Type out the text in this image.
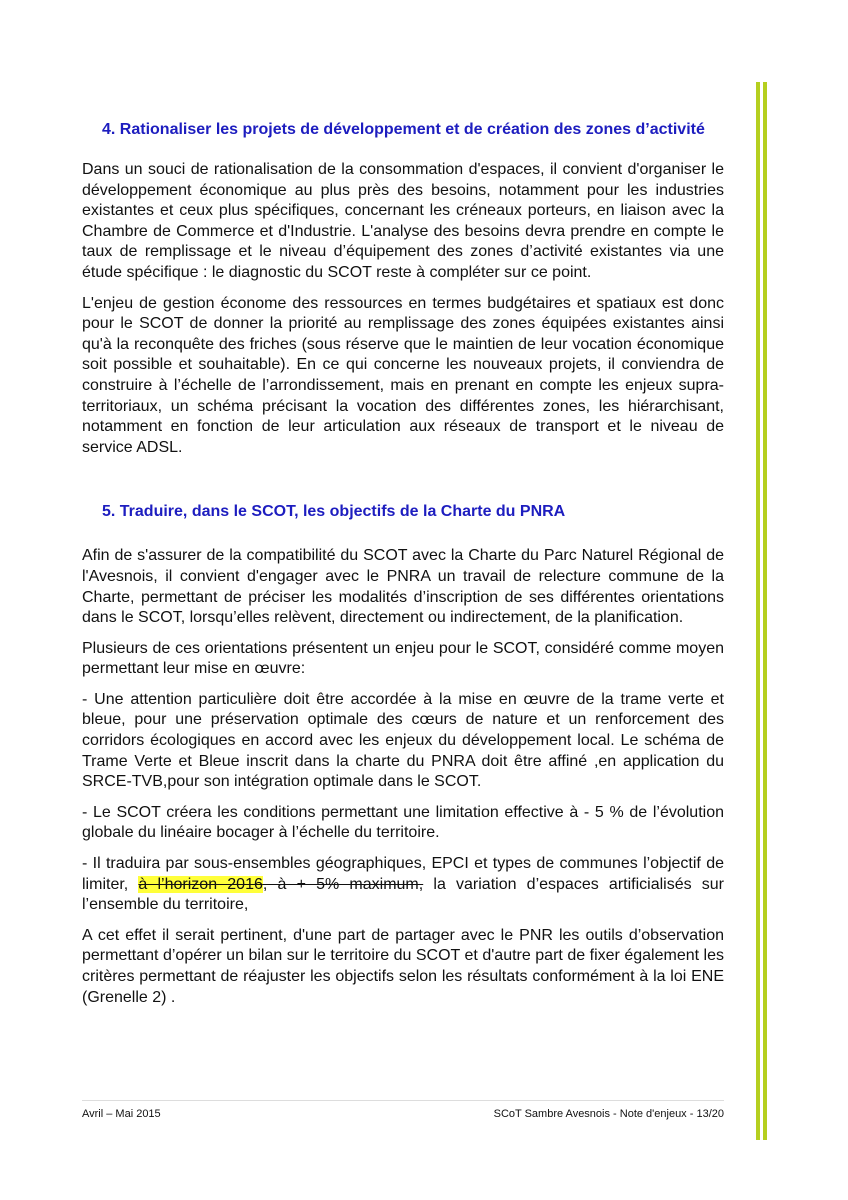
4. Rationaliser les projets de développement et de création des zones d’activité

Dans un souci de rationalisation de la consommation d'espaces, il convient d'organiser le développement économique au plus près des besoins, notamment pour les industries existantes et ceux plus spécifiques, concernant les créneaux porteurs, en liaison avec la Chambre de Commerce et d'Industrie. L'analyse des besoins devra prendre en compte le taux de remplissage et le niveau d’équipement des zones d’activité existantes via une étude spécifique : le diagnostic du SCOT reste à compléter sur ce point.

L'enjeu de gestion économe des ressources en termes budgétaires et spatiaux est donc pour le SCOT de donner la priorité au remplissage des zones équipées existantes ainsi qu'à la reconquête des friches (sous réserve que le maintien de leur vocation économique soit possible et souhaitable). En ce qui concerne les nouveaux projets, il conviendra de construire à l’échelle de l’arrondissement, mais en prenant en compte les enjeux supra-territoriaux, un schéma précisant la vocation des différentes zones, les hiérarchisant, notamment en fonction de leur articulation aux réseaux de transport et le niveau de service ADSL.

5. Traduire, dans le SCOT, les objectifs de la Charte du PNRA

Afin de s'assurer de la compatibilité du SCOT avec la Charte du Parc Naturel Régional de l'Avesnois, il convient d'engager avec le PNRA un travail de relecture commune de la Charte, permettant de préciser les modalités d’inscription de ses différentes orientations dans le SCOT, lorsqu’elles relèvent, directement ou indirectement, de la planification.

Plusieurs de ces orientations présentent un enjeu pour le SCOT, considéré comme moyen permettant leur mise en œuvre:

- Une attention particulière doit être accordée à la mise en œuvre de la trame verte et bleue, pour une préservation optimale des cœurs de nature et un renforcement des corridors écologiques en accord avec les enjeux du développement local. Le schéma de Trame Verte et Bleue inscrit dans la charte du PNRA doit être affiné ,en application du SRCE-TVB,pour son intégration optimale dans le SCOT.

- Le SCOT créera les conditions permettant une limitation effective à - 5 % de l’évolution globale du linéaire bocager à l’échelle du territoire.

- Il traduira par sous-ensembles géographiques, EPCI et types de communes l’objectif de limiter, à l’horizon 2016, à + 5% maximum, la variation d’espaces artificialisés sur l’ensemble du territoire,

A cet effet il serait pertinent, d'une part de partager avec le PNR les outils d’observation permettant d’opérer un bilan sur le territoire du SCOT et d'autre part de fixer également les critères permettant de réajuster les objectifs selon les résultats conformément à la loi ENE (Grenelle 2) .

Avril – Mai 2015	SCoT Sambre Avesnois - Note d'enjeux - 13/20
